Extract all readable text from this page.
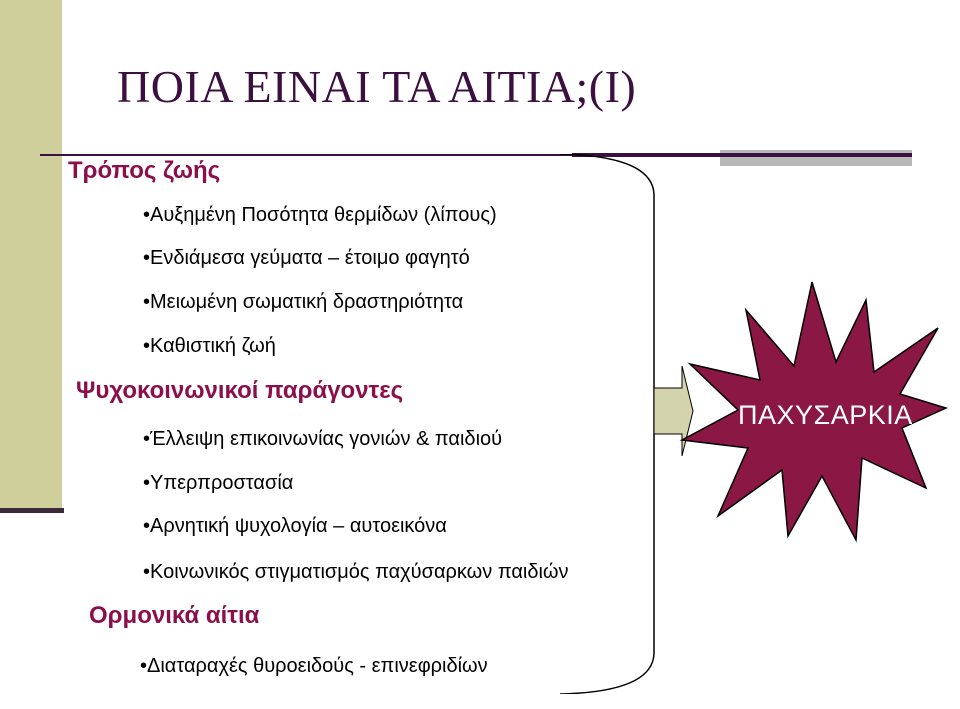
ΠΟΙΑ ΕΙΝΑΙ ΤΑ ΑΙΤΙΑ;(Ι)
Τρόπος ζωής
•Αυξημένη Ποσότητα θερμίδων (λίπους)
•Ενδιάμεσα γεύματα – έτοιμο φαγητό
•Μειωμένη σωματική δραστηριότητα
•Καθιστική ζωή
Ψυχοκοινωνικοί παράγοντες
•Έλλειψη επικοινωνίας γονιών & παιδιού
•Υπερπροστασία
•Αρνητική ψυχολογία – αυτοεικόνα
•Κοινωνικός στιγματισμός παχύσαρκων παιδιών
Ορμονικά αίτια
•Διαταραχές θυροειδούς - επινεφριδίων
ΠΑΧΥΣΑΡΚΙΑ
